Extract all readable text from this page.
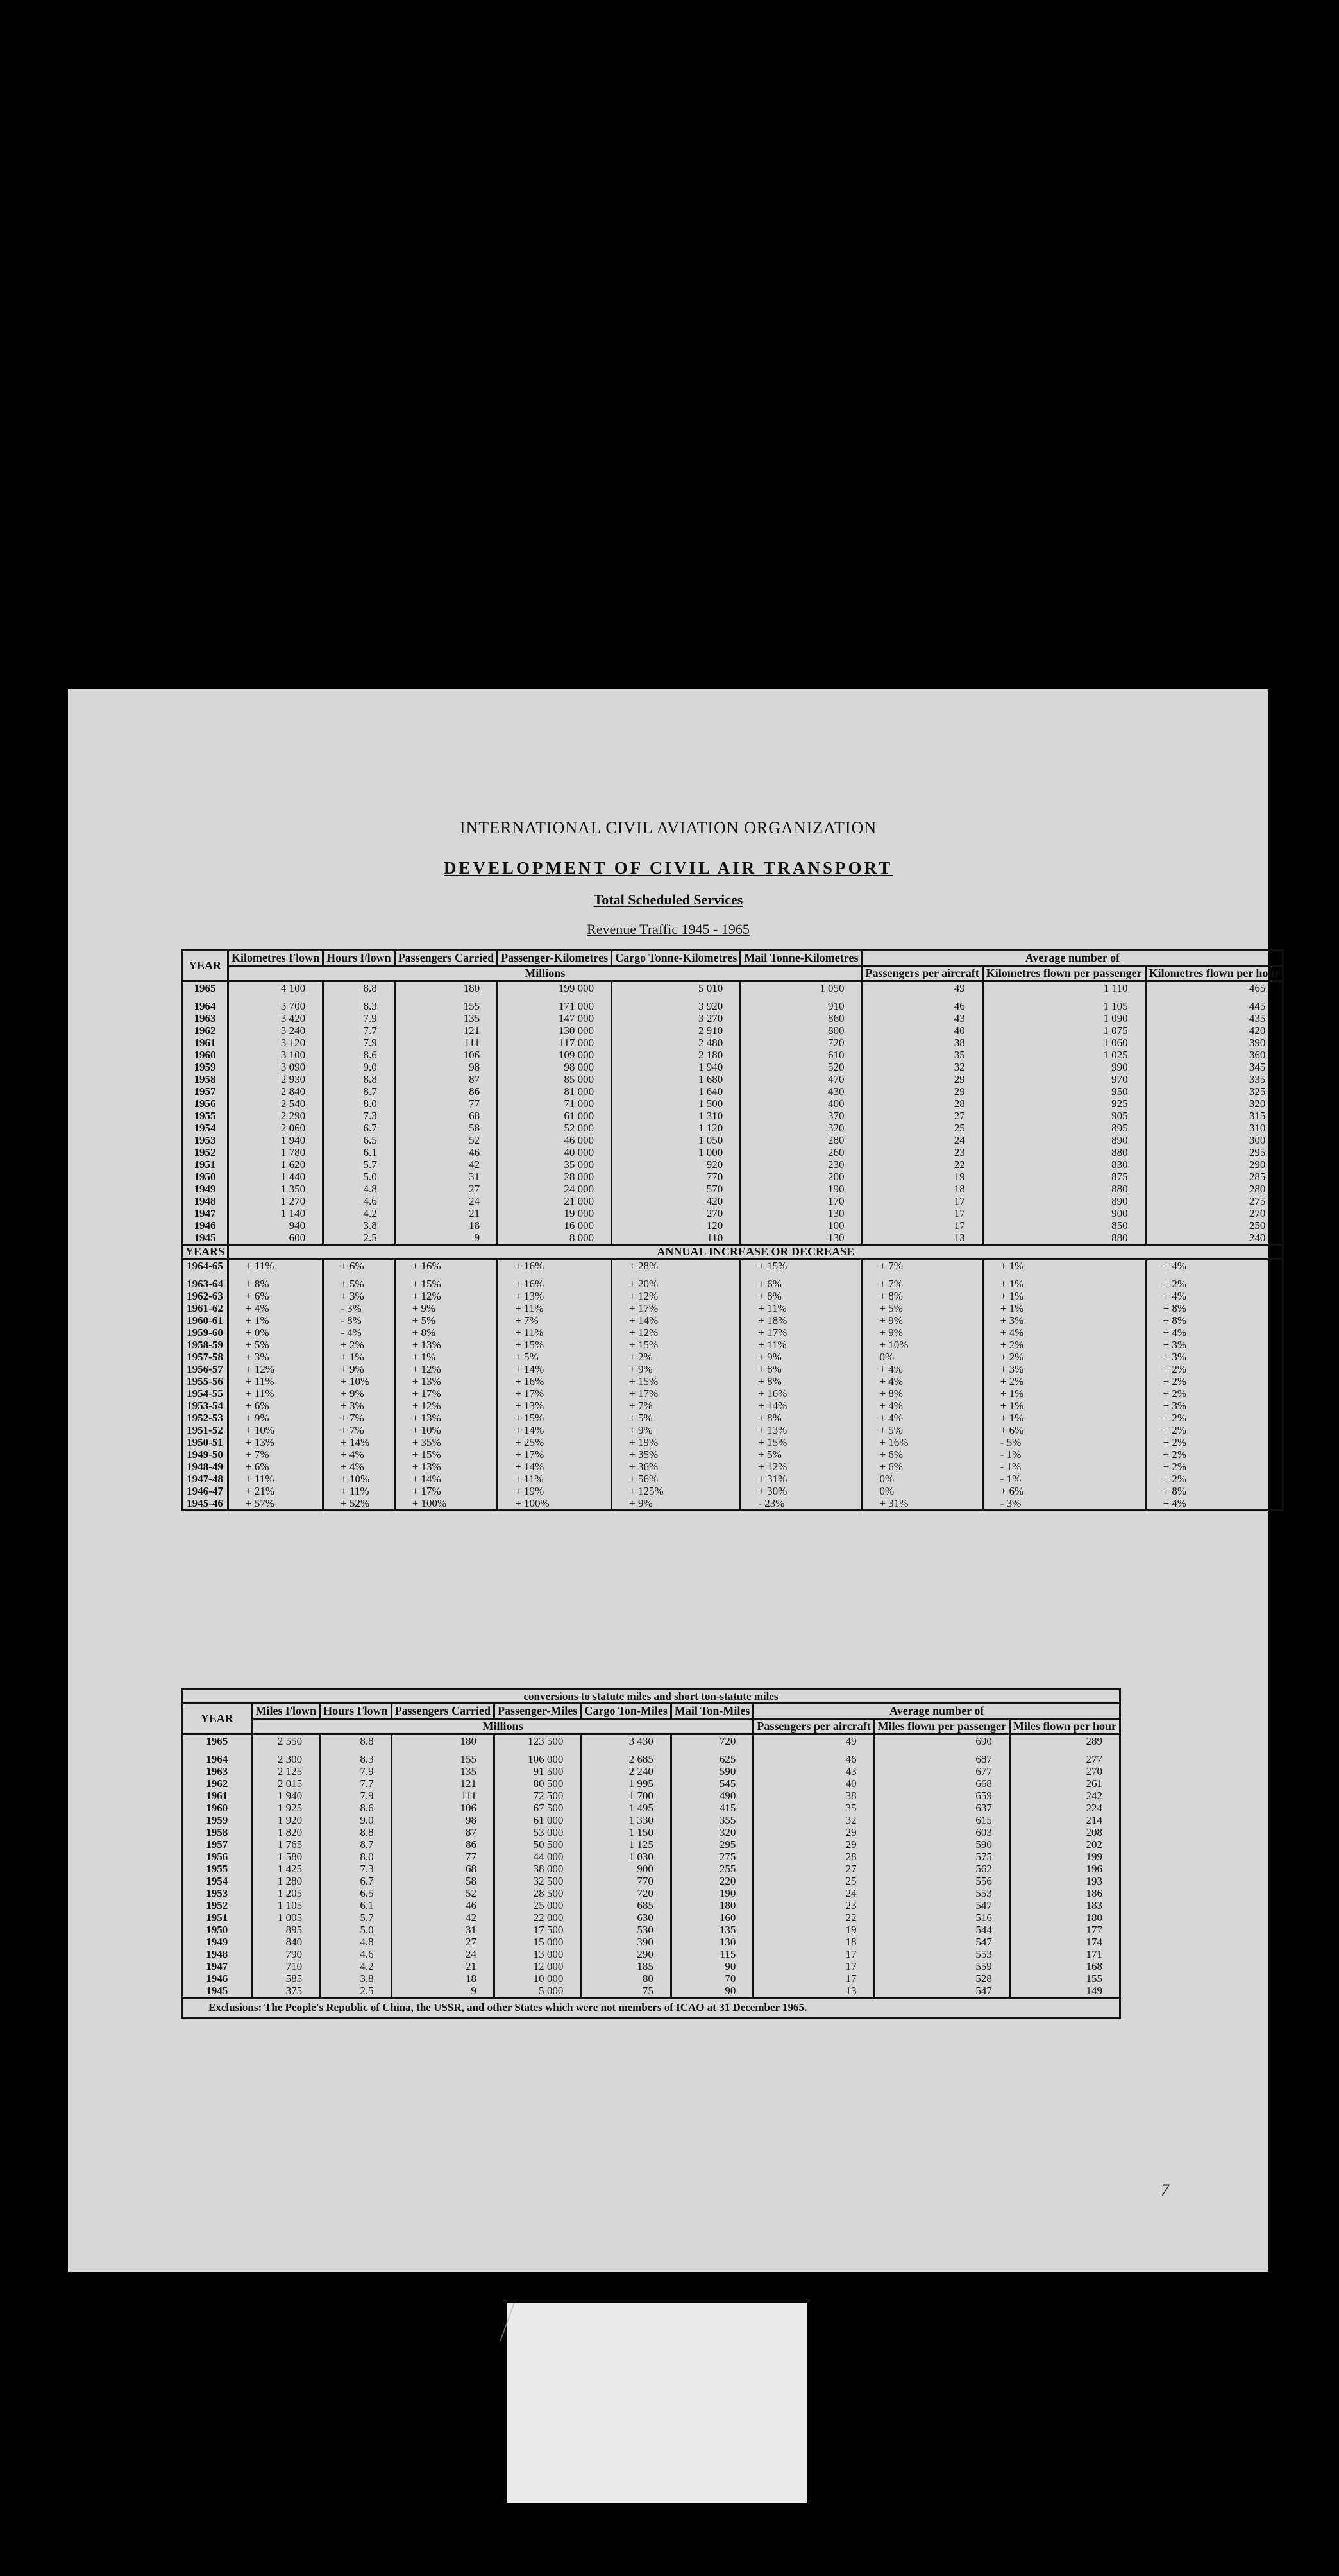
INTERNATIONAL CIVIL AVIATION ORGANIZATION
DEVELOPMENT OF CIVIL AIR TRANSPORT
Total Scheduled Services
Revenue Traffic 1945 - 1965
YEAR	Kilometres Flown	Hours Flown	Passengers Carried	Passenger-Kilometres	Cargo Tonne-Kilometres	Mail Tonne-Kilometres	Average number of		
							Passengers per aircraft	Kilometres flown per passenger	Kilometres flown per hour
	Millions								
1965	4 100	8.8	180	199 000	5 010	1 050	49	1 110	465

1964	3 700	8.3	155	171 000	3 920	910	46	1 105	445
1963	3 420	7.9	135	147 000	3 270	860	43	1 090	435
1962	3 240	7.7	121	130 000	2 910	800	40	1 075	420
1961	3 120	7.9	111	117 000	2 480	720	38	1 060	390
1960	3 100	8.6	106	109 000	2 180	610	35	1 025	360
1959	3 090	9.0	98	98 000	1 940	520	32	990	345
1958	2 930	8.8	87	85 000	1 680	470	29	970	335
1957	2 840	8.7	86	81 000	1 640	430	29	950	325
1956	2 540	8.0	77	71 000	1 500	400	28	925	320
1955	2 290	7.3	68	61 000	1 310	370	27	905	315
1954	2 060	6.7	58	52 000	1 120	320	25	895	310
1953	1 940	6.5	52	46 000	1 050	280	24	890	300
1952	1 780	6.1	46	40 000	1 000	260	23	880	295
1951	1 620	5.7	42	35 000	920	230	22	830	290
1950	1 440	5.0	31	28 000	770	200	19	875	285
1949	1 350	4.8	27	24 000	570	190	18	880	280
1948	1 270	4.6	24	21 000	420	170	17	890	275
1947	1 140	4.2	21	19 000	270	130	17	900	270
1946	940	3.8	18	16 000	120	100	17	850	250
1945	600	2.5	9	8 000	110	130	13	880	240
YEARS	ANNUAL INCREASE OR DECREASE								
1964-65	+ 11%	+ 6%	+ 16%	+ 16%	+ 28%	+ 15%	+ 7%	+ 1%	+ 4%

1963-64	+ 8%	+ 5%	+ 15%	+ 16%	+ 20%	+ 6%	+ 7%	+ 1%	+ 2%
1962-63	+ 6%	+ 3%	+ 12%	+ 13%	+ 12%	+ 8%	+ 8%	+ 1%	+ 4%
1961-62	+ 4%	- 3%	+ 9%	+ 11%	+ 17%	+ 11%	+ 5%	+ 1%	+ 8%
1960-61	+ 1%	- 8%	+ 5%	+ 7%	+ 14%	+ 18%	+ 9%	+ 3%	+ 8%
1959-60	+ 0%	- 4%	+ 8%	+ 11%	+ 12%	+ 17%	+ 9%	+ 4%	+ 4%
1958-59	+ 5%	+ 2%	+ 13%	+ 15%	+ 15%	+ 11%	+ 10%	+ 2%	+ 3%
1957-58	+ 3%	+ 1%	+ 1%	+ 5%	+ 2%	+ 9%	0%	+ 2%	+ 3%
1956-57	+ 12%	+ 9%	+ 12%	+ 14%	+ 9%	+ 8%	+ 4%	+ 3%	+ 2%
1955-56	+ 11%	+ 10%	+ 13%	+ 16%	+ 15%	+ 8%	+ 4%	+ 2%	+ 2%
1954-55	+ 11%	+ 9%	+ 17%	+ 17%	+ 17%	+ 16%	+ 8%	+ 1%	+ 2%
1953-54	+ 6%	+ 3%	+ 12%	+ 13%	+ 7%	+ 14%	+ 4%	+ 1%	+ 3%
1952-53	+ 9%	+ 7%	+ 13%	+ 15%	+ 5%	+ 8%	+ 4%	+ 1%	+ 2%
1951-52	+ 10%	+ 7%	+ 10%	+ 14%	+ 9%	+ 13%	+ 5%	+ 6%	+ 2%
1950-51	+ 13%	+ 14%	+ 35%	+ 25%	+ 19%	+ 15%	+ 16%	- 5%	+ 2%
1949-50	+ 7%	+ 4%	+ 15%	+ 17%	+ 35%	+ 5%	+ 6%	- 1%	+ 2%
1948-49	+ 6%	+ 4%	+ 13%	+ 14%	+ 36%	+ 12%	+ 6%	- 1%	+ 2%
1947-48	+ 11%	+ 10%	+ 14%	+ 11%	+ 56%	+ 31%	0%	- 1%	+ 2%
1946-47	+ 21%	+ 11%	+ 17%	+ 19%	+ 125%	+ 30%	0%	+ 6%	+ 8%
1945-46	+ 57%	+ 52%	+ 100%	+ 100%	+ 9%	- 23%	+ 31%	- 3%	+ 4%
conversions to statute miles and short ton-statute miles									
YEAR	Miles Flown	Hours Flown	Passengers Carried	Passenger-Miles	Cargo Ton-Miles	Mail Ton-Miles	Average number of		
							Passengers per aircraft	Miles flown per passenger	Miles flown per hour
	Millions								
1965	2 550	8.8	180	123 500	3 430	720	49	690	289

1964	2 300	8.3	155	106 000	2 685	625	46	687	277
1963	2 125	7.9	135	91 500	2 240	590	43	677	270
1962	2 015	7.7	121	80 500	1 995	545	40	668	261
1961	1 940	7.9	111	72 500	1 700	490	38	659	242
1960	1 925	8.6	106	67 500	1 495	415	35	637	224
1959	1 920	9.0	98	61 000	1 330	355	32	615	214
1958	1 820	8.8	87	53 000	1 150	320	29	603	208
1957	1 765	8.7	86	50 500	1 125	295	29	590	202
1956	1 580	8.0	77	44 000	1 030	275	28	575	199
1955	1 425	7.3	68	38 000	900	255	27	562	196
1954	1 280	6.7	58	32 500	770	220	25	556	193
1953	1 205	6.5	52	28 500	720	190	24	553	186
1952	1 105	6.1	46	25 000	685	180	23	547	183
1951	1 005	5.7	42	22 000	630	160	22	516	180
1950	895	5.0	31	17 500	530	135	19	544	177
1949	840	4.8	27	15 000	390	130	18	547	174
1948	790	4.6	24	13 000	290	115	17	553	171
1947	710	4.2	21	12 000	185	90	17	559	168
1946	585	3.8	18	10 000	80	70	17	528	155
1945	375	2.5	9	5 000	75	90	13	547	149
Exclusions: The People's Republic of China, the USSR, and other States which were not members of ICAO at 31 December 1965.									
7
